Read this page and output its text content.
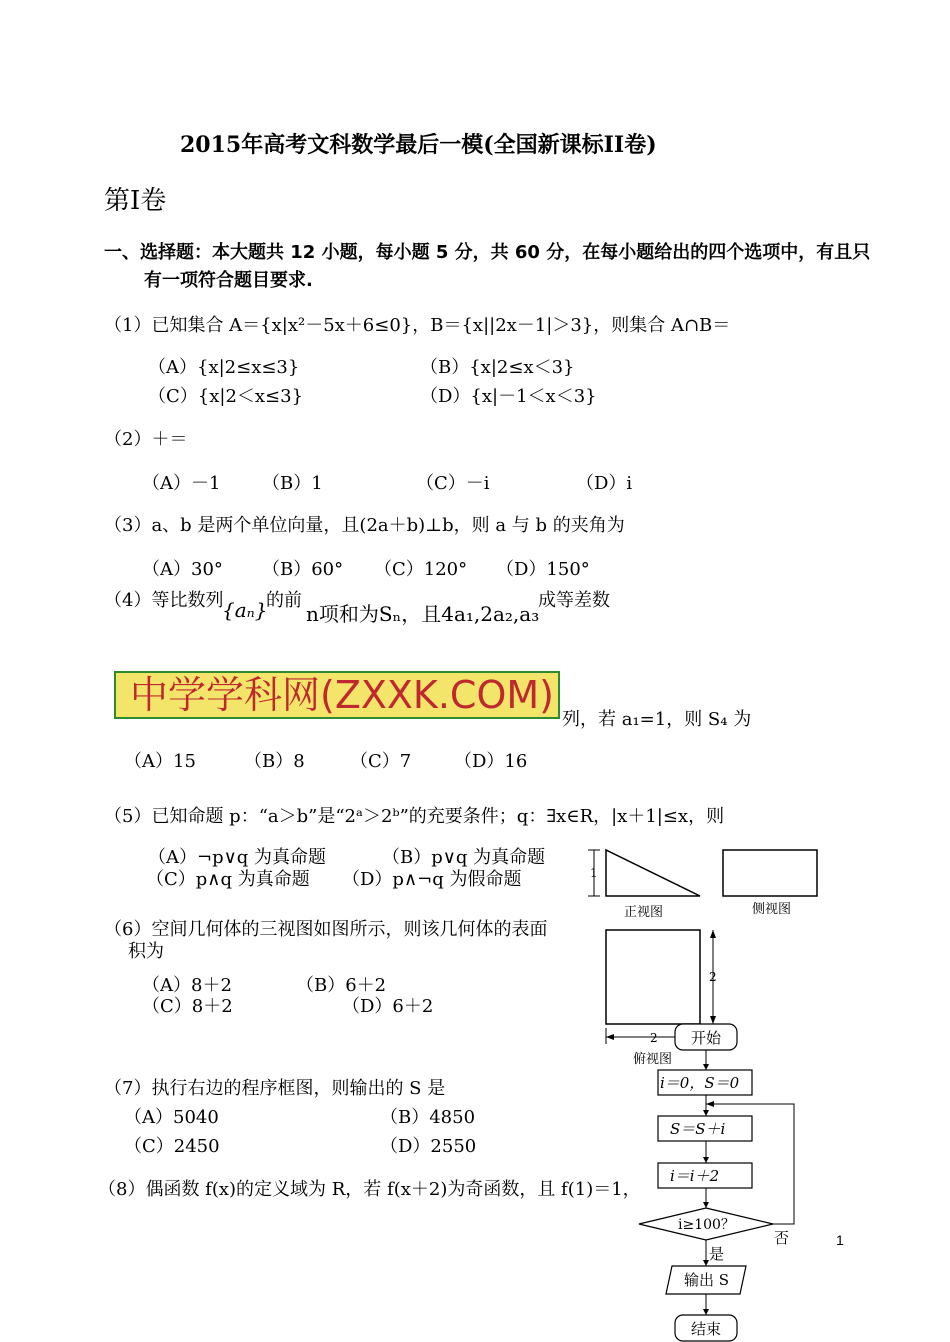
2015年高考文科数学最后一模(全国新课标II卷)
第Ⅰ卷
一、选择题：本大题共 12 小题，每小题 5 分，共 60 分，在每小题给出的四个选项中，有且只
有一项符合题目要求.
（1）已知集合 A＝{x|x²－5x＋6≤0}，B＝{x||2x－1|＞3}，则集合 A∩B＝
（A）{x|2≤x≤3}	（B）{x|2≤x＜3}
（C）{x|2＜x≤3}	（D）{x|－1＜x＜3}
（2）＋＝
（A）－1 （B）1	（C）－i	（D）i
（3）a、b 是两个单位向量，且(2a＋b)⊥b，则 a 与 b 的夹角为
（A）30° （B）60° （C）120° （D）150°
（4）等比数列
{aₙ}
的前
n项和为Sₙ，且4a₁,2a₂,a₃
成等差数
中学学科网(ZXXK.COM)
列，若 a₁=1，则 S₄ 为
（A）15	（B）8	（C）7 （D）16
（5）已知命题 p：“a＞b”是“2ᵃ＞2ᵇ”的充要条件；q：∃x∈R，|x＋1|≤x，则
（A）¬p∨q 为真命题	（B）p∨q 为真命题
（C）p∧q 为真命题 （D）p∧¬q 为假命题
（6）空间几何体的三视图如图所示，则该几何体的表面
积为
（A）8＋2	（B）6＋2
（C）8＋2	（D）6＋2
（7）执行右边的程序框图，则输出的 S 是
（A）5040	（B）4850
（C）2450	（D）2550
（8）偶函数 f(x)的定义域为 R，若 f(x＋2)为奇函数，且 f(1)＝1，
1
1
正视图	侧视图
2
2
俯视图
开始
i＝0，S＝0
S＝S＋i
i＝i＋2
i≥100？
否
是
输出 S
结束
